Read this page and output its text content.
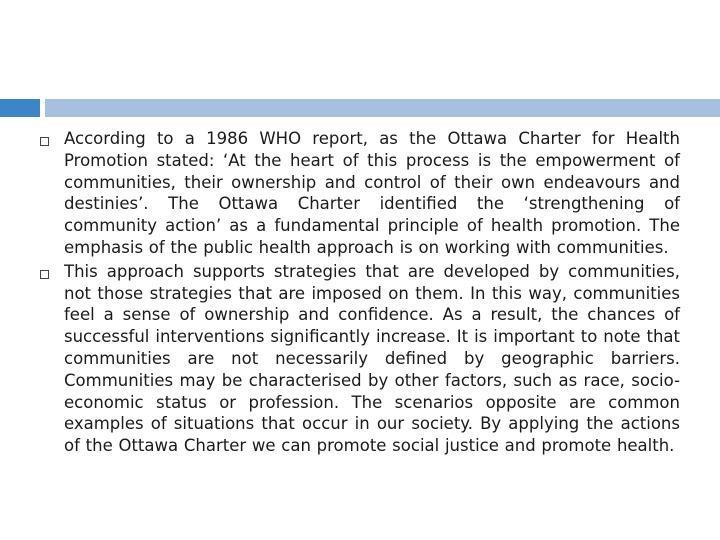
According to a 1986 WHO report, as the Ottawa Charter for Health Promotion stated: ‘At the heart of this process is the empowerment of communities, their ownership and control of their own endeavours and destinies’. The Ottawa Charter identified the ‘strengthening of community action’ as a fundamental principle of health promotion. The emphasis of the public health approach is on working with communities.
This approach supports strategies that are developed by communities, not those strategies that are imposed on them. In this way, communities feel a sense of ownership and confidence. As a result, the chances of successful interventions significantly increase. It is important to note that communities are not necessarily defined by geographic barriers. Communities may be characterised by other factors, such as race, socio-economic status or profession. The scenarios opposite are common examples of situations that occur in our society. By applying the actions of the Ottawa Charter we can promote social justice and promote health.
